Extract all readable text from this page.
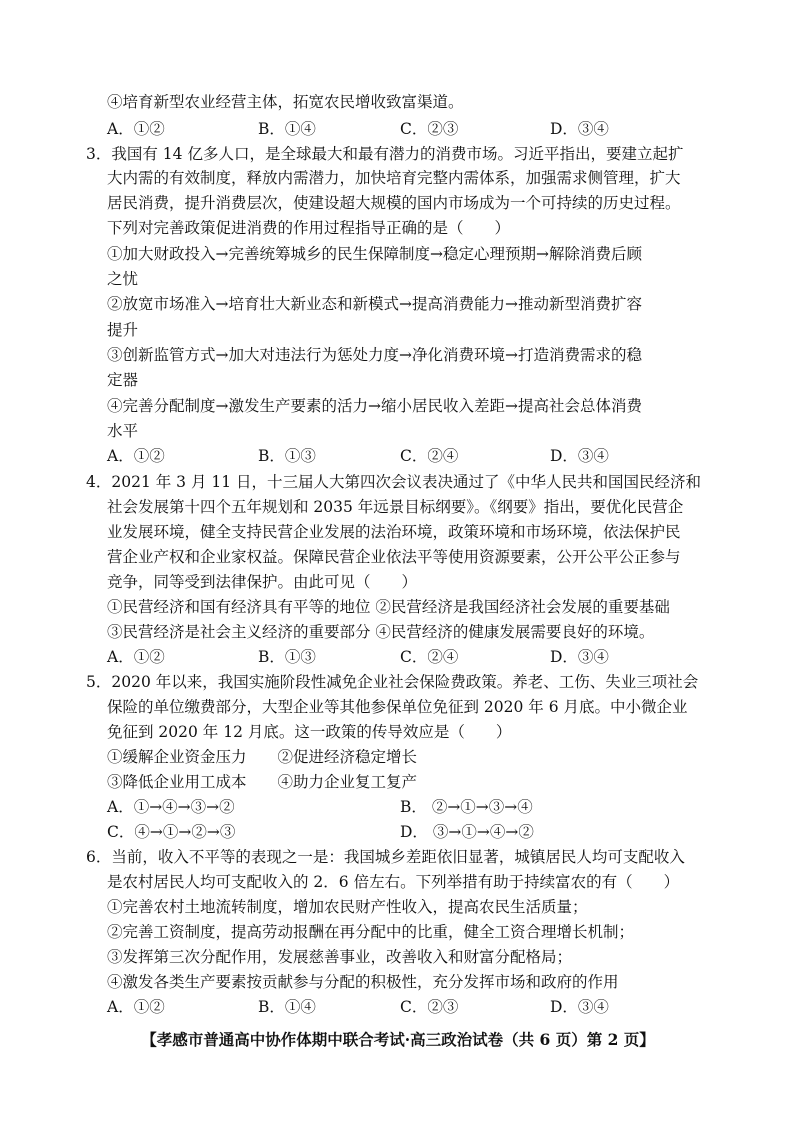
④培育新型农业经营主体，拓宽农民增收致富渠道。
A．①②	B．①④	C．②③	D．③④
3．我国有 14 亿多人口，是全球最大和最有潜力的消费市场。习近平指出，要建立起扩
大内需的有效制度，释放内需潜力，加快培育完整内需体系，加强需求侧管理，扩大
居民消费，提升消费层次，使建设超大规模的国内市场成为一个可持续的历史过程。
下列对完善政策促进消费的作用过程指导正确的是（　　）
①加大财政投入→完善统筹城乡的民生保障制度→稳定心理预期→解除消费后顾
之忧
②放宽市场准入→培育壮大新业态和新模式→提高消费能力→推动新型消费扩容
提升
③创新监管方式→加大对违法行为惩处力度→净化消费环境→打造消费需求的稳
定器
④完善分配制度→激发生产要素的活力→缩小居民收入差距→提高社会总体消费
水平
A．①②	B．①③	C．②④	D．③④
4．2021 年 3 月 11 日，十三届人大第四次会议表决通过了《中华人民共和国国民经济和
社会发展第十四个五年规划和 2035 年远景目标纲要》。《纲要》指出，要优化民营企
业发展环境，健全支持民营企业发展的法治环境，政策环境和市场环境，依法保护民
营企业产权和企业家权益。保障民营企业依法平等使用资源要素，公开公平公正参与
竞争，同等受到法律保护。由此可见（　　）
①民营经济和国有经济具有平等的地位 ②民营经济是我国经济社会发展的重要基础
③民营经济是社会主义经济的重要部分 ④民营经济的健康发展需要良好的环境。
A．①②	B．①③	C．②④	D．③④
5．2020 年以来，我国实施阶段性减免企业社会保险费政策。养老、工伤、失业三项社会
保险的单位缴费部分，大型企业等其他参保单位免征到 2020 年 6 月底。中小微企业
免征到 2020 年 12 月底。这一政策的传导效应是（　　）
①缓解企业资金压力　　②促进经济稳定增长
③降低企业用工成本　　④助力企业复工复产
A．①→④→③→②	B． ②→①→③→④
C．④→①→②→③	D． ③→①→④→②
6．当前，收入不平等的表现之一是：我国城乡差距依旧显著，城镇居民人均可支配收入
是农村居民人均可支配收入的 2．6 倍左右。下列举措有助于持续富农的有（　　）
①完善农村土地流转制度，增加农民财产性收入，提高农民生活质量；
②完善工资制度，提高劳动报酬在再分配中的比重，健全工资合理增长机制；
③发挥第三次分配作用，发展慈善事业，改善收入和财富分配格局；
④激发各类生产要素按贡献参与分配的积极性，充分发挥市场和政府的作用
A．①②	B．①④	C．②③	D．③④
【孝感市普通高中协作体期中联合考试·高三政治试卷（共 6 页）第 2 页】
